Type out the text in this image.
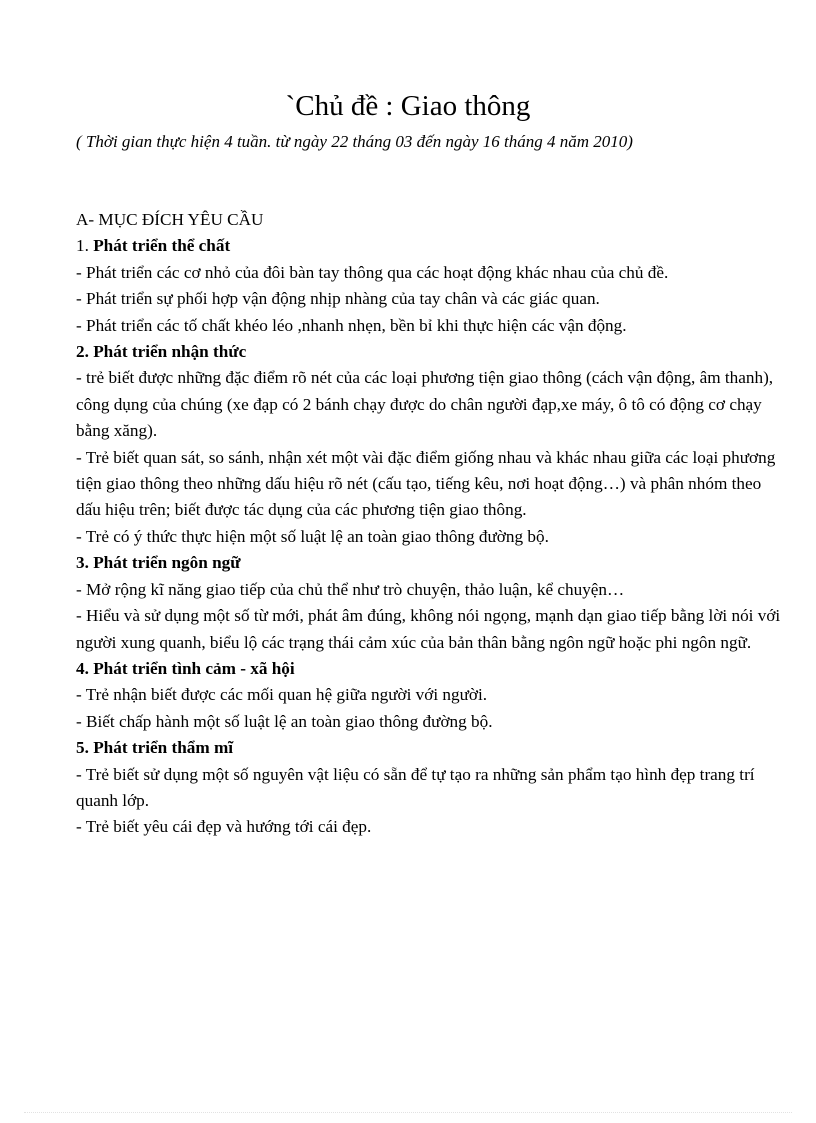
`Chủ đề : Giao thông

( Thời gian thực hiện 4 tuần. từ ngày 22 tháng 03 đến ngày 16 tháng 4 năm 2010)

A- MỤC ĐÍCH YÊU CẦU

1. Phát triển thể chất

- Phát triển các cơ nhỏ của đôi bàn tay thông qua các hoạt động khác nhau của chủ đề.

- Phát triển sự phối hợp vận động nhịp nhàng của tay chân và các giác quan.

- Phát triển các tố chất khéo léo ,nhanh nhẹn, bền bỉ khi thực hiện các vận động.

2. Phát triển nhận thức

- trẻ biết được những đặc điểm rõ nét của các loại phương tiện giao thông (cách vận động, âm thanh), công dụng của chúng (xe đạp có 2 bánh chạy được do chân người đạp,xe máy, ô tô có động cơ chạy bằng xăng).

- Trẻ biết quan sát, so sánh, nhận xét một vài đặc điểm giống nhau và khác nhau giữa các loại phương tiện giao thông theo những dấu hiệu rõ nét (cấu tạo, tiếng kêu, nơi hoạt động…) và phân nhóm theo dấu hiệu trên; biết được tác dụng của các phương tiện giao thông.

- Trẻ có ý thức thực hiện một số luật lệ an toàn giao thông đường bộ.

3. Phát triển ngôn ngữ

- Mở rộng kĩ năng giao tiếp của chủ thể như trò chuyện, thảo luận, kể chuyện…

- Hiểu và sử dụng một số từ mới, phát âm đúng, không nói ngọng, mạnh dạn giao tiếp bằng lời nói với người xung quanh, biểu lộ các trạng thái cảm xúc của bản thân bằng ngôn ngữ hoặc phi ngôn ngữ.

4. Phát triển tình cảm - xã hội

- Trẻ nhận biết được các mối quan hệ giữa người với người.

- Biết chấp hành một số luật lệ an toàn giao thông đường bộ.

5. Phát triển thẩm mĩ

- Trẻ biết sử dụng một số nguyên vật liệu có sẵn để tự tạo ra những sản phẩm tạo hình đẹp trang trí quanh lớp.

- Trẻ biết yêu cái đẹp và hướng tới cái đẹp.
